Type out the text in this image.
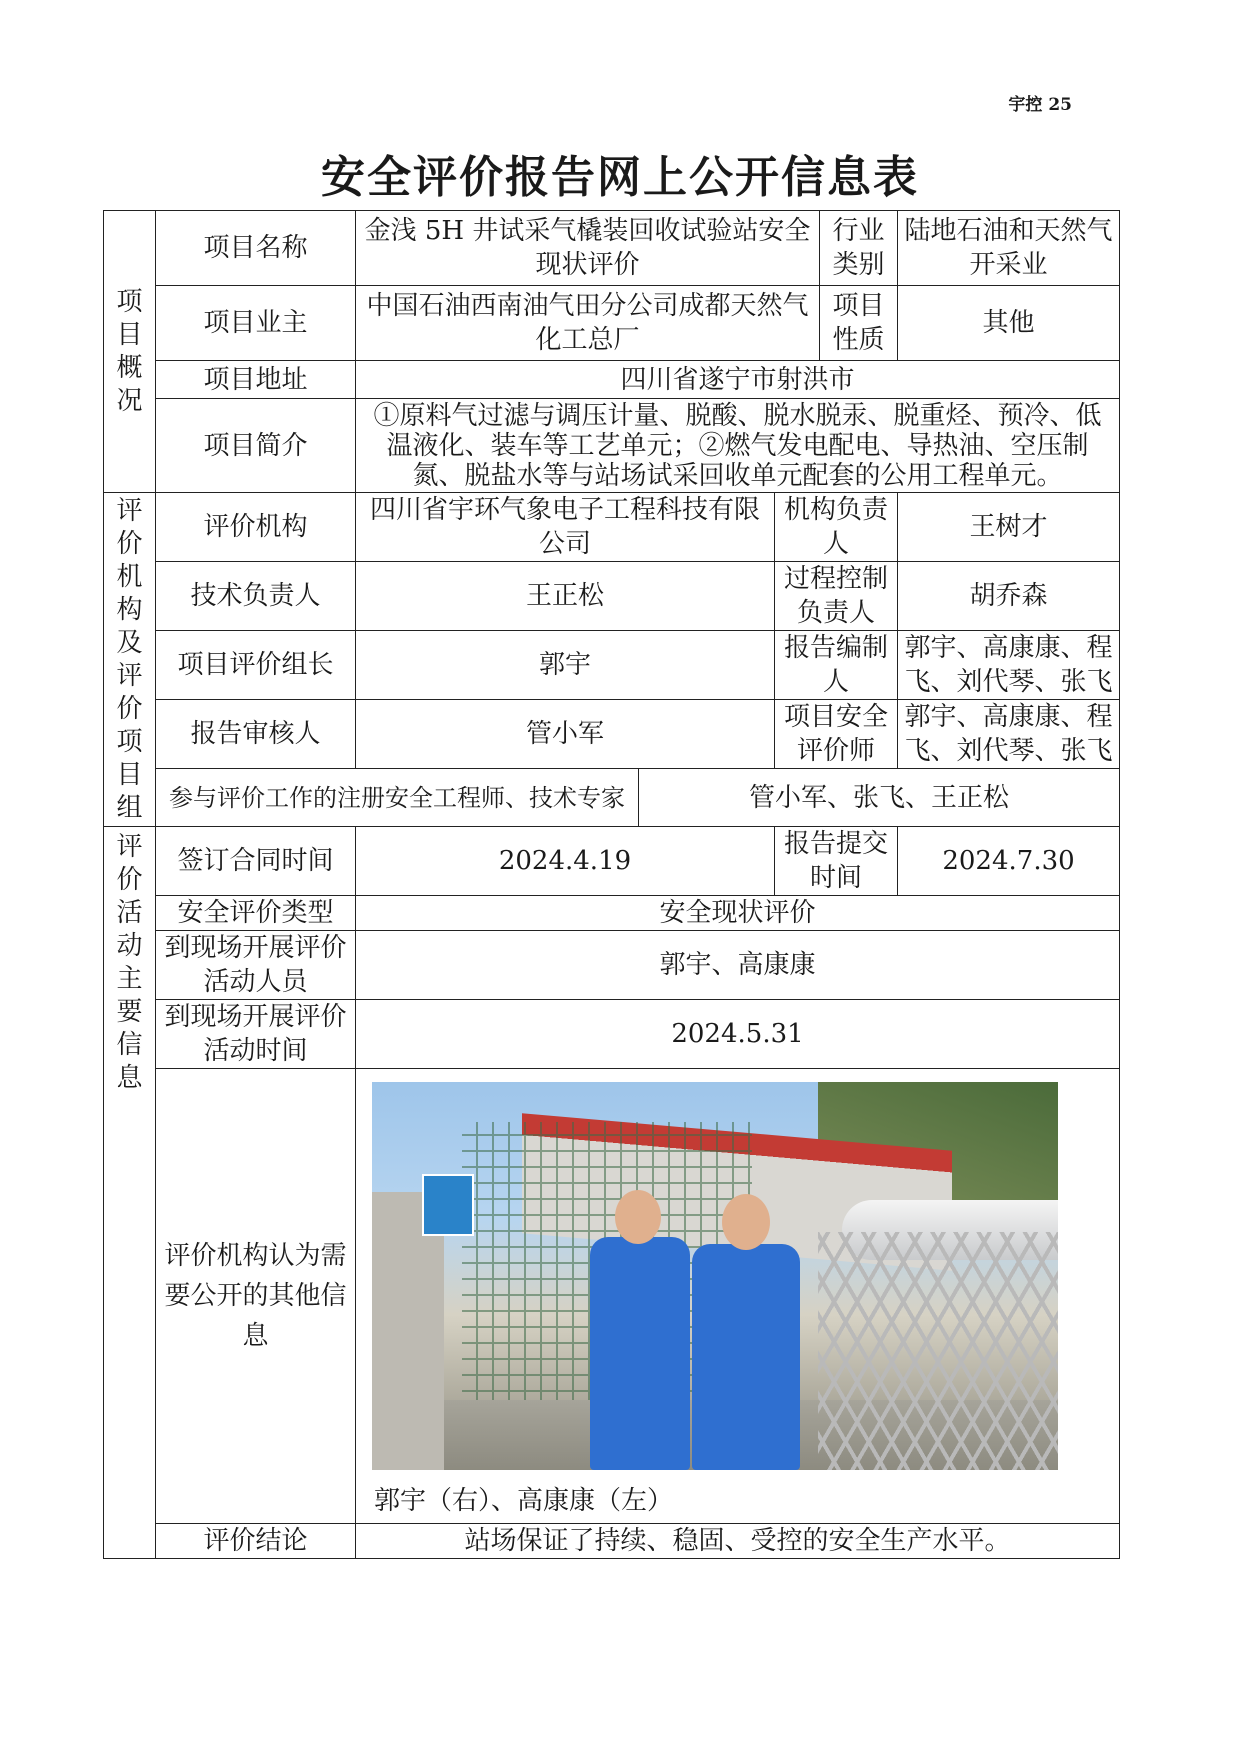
宇控 25
安全评价报告网上公开信息表
项目概况	项目名称	金浅 5H 井试采气橇装回收试验站安全现状评价			行业类别	陆地石油和天然气开采业
	项目业主	中国石油西南油气田分公司成都天然气化工总厂			项目性质	其他
	项目地址	四川省遂宁市射洪市				
	项目简介	①原料气过滤与调压计量、脱酸、脱水脱汞、脱重烃、预冷、低温液化、装车等工艺单元；②燃气发电配电、导热油、空压制氮、脱盐水等与站场试采回收单元配套的公用工程单元。				
评价机构及评价项目组	评价机构	四川省宇环气象电子工程科技有限公司		机构负责人		王树才
	技术负责人	王正松		过程控制负责人		胡乔森
	项目评价组长	郭宇		报告编制人		郭宇、高康康、程飞、刘代琴、张飞
	报告审核人	管小军		项目安全评价师		郭宇、高康康、程飞、刘代琴、张飞
	参与评价工作的注册安全工程师、技术专家		管小军、张飞、王正松			
评价活动主要信息	签订合同时间	2024.4.19		报告提交时间		2024.7.30
	安全评价类型	安全现状评价				
	到现场开展评价活动人员	郭宇、高康康				
	到现场开展评价活动时间	2024.5.31				
	评价机构认为需要公开的其他信息	郭宇（右）、高康康（左）				

	评价结论	站场保证了持续、稳固、受控的安全生产水平。				
